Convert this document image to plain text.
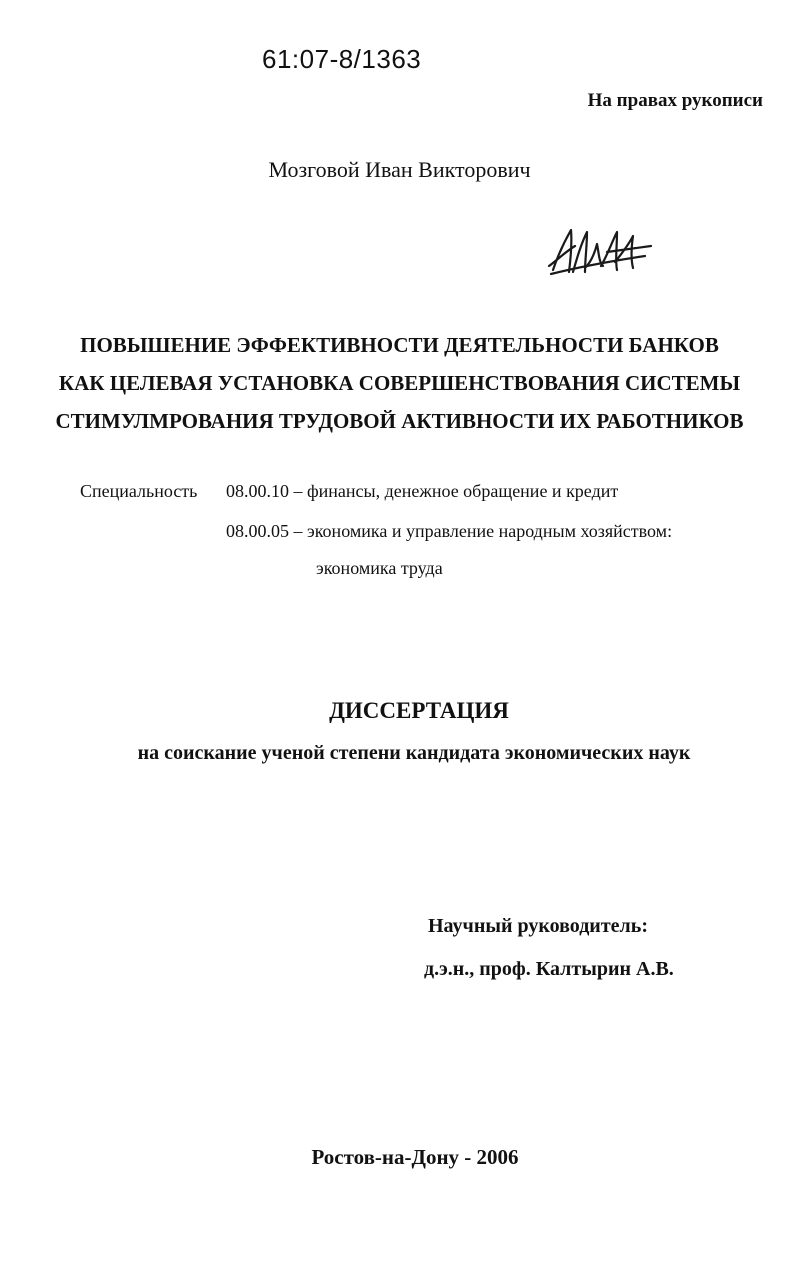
61:07-8/1363
На правах рукописи
Мозговой Иван Викторович
ПОВЫШЕНИЕ ЭФФЕКТИВНОСТИ ДЕЯТЕЛЬНОСТИ БАНКОВ
КАК ЦЕЛЕВАЯ УСТАНОВКА СОВЕРШЕНСТВОВАНИЯ СИСТЕМЫ
СТИМУЛМРОВАНИЯ ТРУДОВОЙ АКТИВНОСТИ ИХ РАБОТНИКОВ
Специальность 08.00.10 – финансы, денежное обращение и кредит
08.00.05 – экономика и управление народным хозяйством:
экономика труда
ДИССЕРТАЦИЯ
на соискание ученой степени кандидата экономических наук
Научный руководитель:
д.э.н., проф. Калтырин А.В.
Ростов-на-Дону - 2006
